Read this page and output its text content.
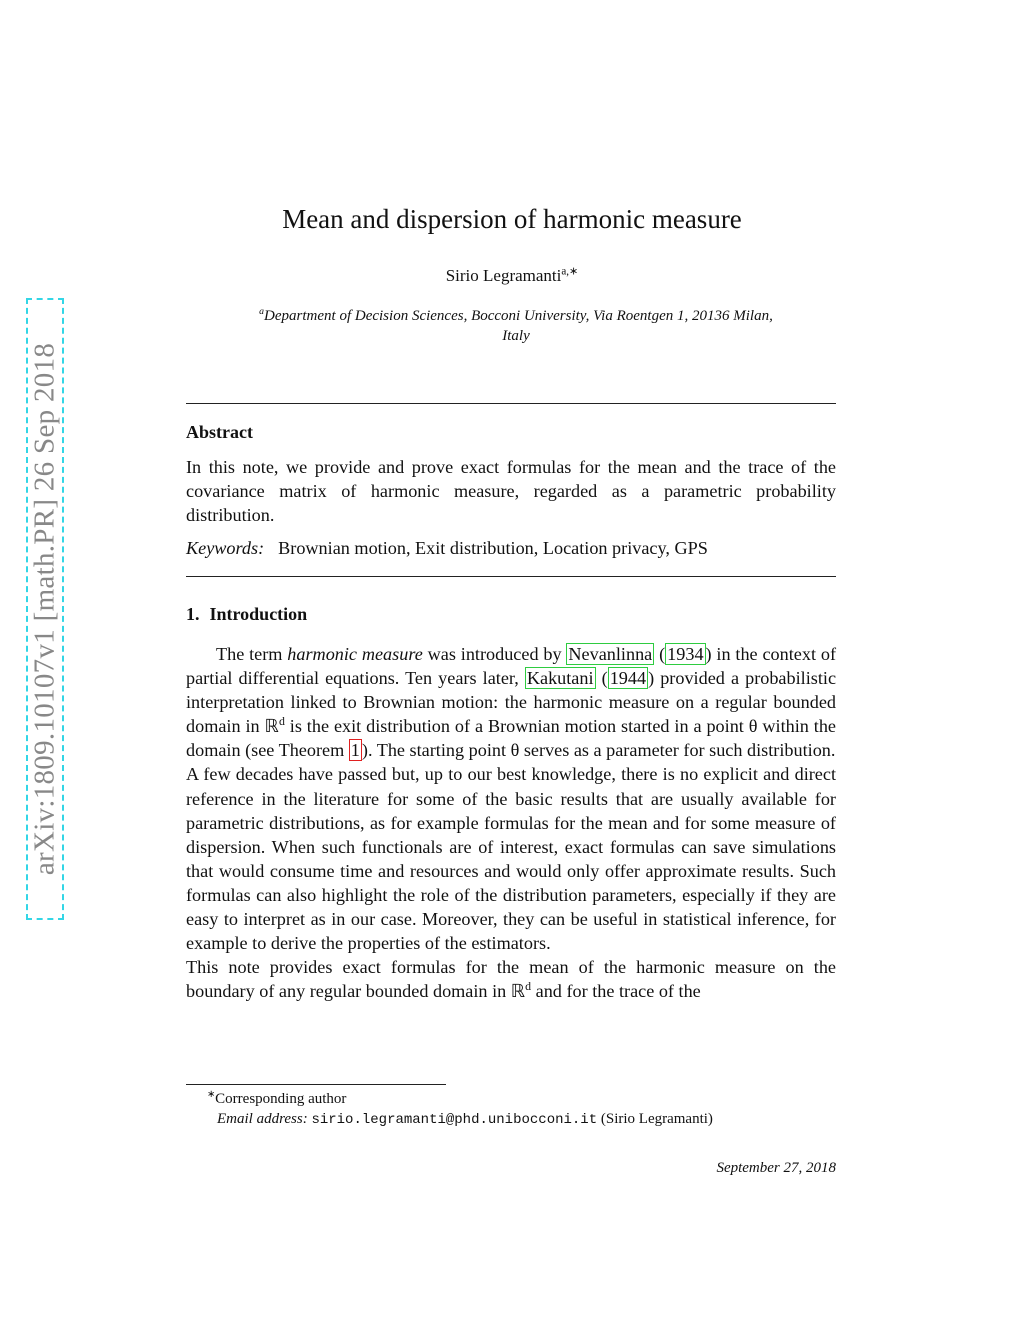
arXiv:1809.10107v1 [math.PR] 26 Sep 2018
Mean and dispersion of harmonic measure
Sirio Legramanti$^{a,∗}$
$^a$Department of Decision Sciences, Bocconi University, Via Roentgen 1, 20136 Milan,
Italy
Abstract
In this note, we provide and prove exact formulas for the mean and the trace of the covariance matrix of harmonic measure, regarded as a parametric probability distribution.
Keywords: Brownian motion, Exit distribution, Location privacy, GPS
1. Introduction

The term harmonic measure was introduced by Nevanlinna ( 1934 ) in the context of partial differential equations. Ten years later, Kakutani ( 1944 ) provided a probabilistic interpretation linked to Brownian motion: the harmonic measure on a regular bounded domain in ℝ$^d$ is the exit distribution of a Brownian motion started in a point θ within the domain (see Theorem 1 ). The starting point θ serves as a parameter for such distribution.

A few decades have passed but, up to our best knowledge, there is no explicit and direct reference in the literature for some of the basic results that are usually available for parametric distributions, as for example formulas for the mean and for some measure of dispersion. When such functionals are of interest, exact formulas can save simulations that would consume time and resources and would only offer approximate results. Such formulas can also highlight the role of the distribution parameters, especially if they are easy to interpret as in our case. Moreover, they can be useful in statistical inference, for example to derive the properties of the estimators.

This note provides exact formulas for the mean of the harmonic measure on the boundary of any regular bounded domain in ℝ$^d$ and for the trace of the

∗Corresponding author
Email address: sirio.legramanti@phd.unibocconi.it (Sirio Legramanti)
September 27, 2018
